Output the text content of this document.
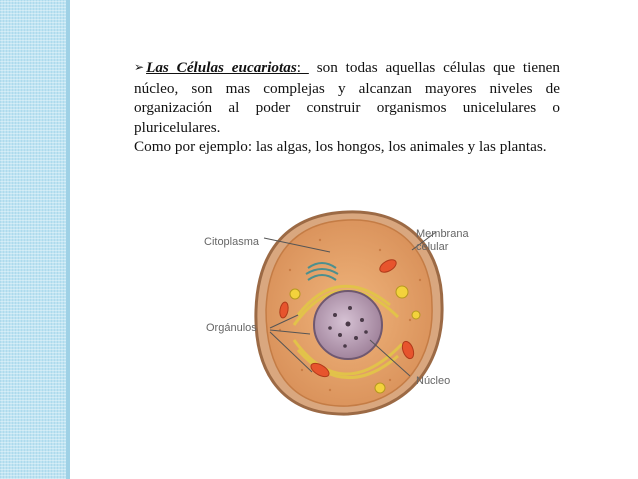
➢ Las Células eucariotas: son todas aquellas células que tienen núcleo, son mas complejas y alcanzan mayores niveles de organización al poder construir organismos unicelulares o pluricelulares.

Como por ejemplo: las algas, los hongos, los animales y las plantas.

Citoplasma
Membrana
celular
Orgánulos
Núcleo
